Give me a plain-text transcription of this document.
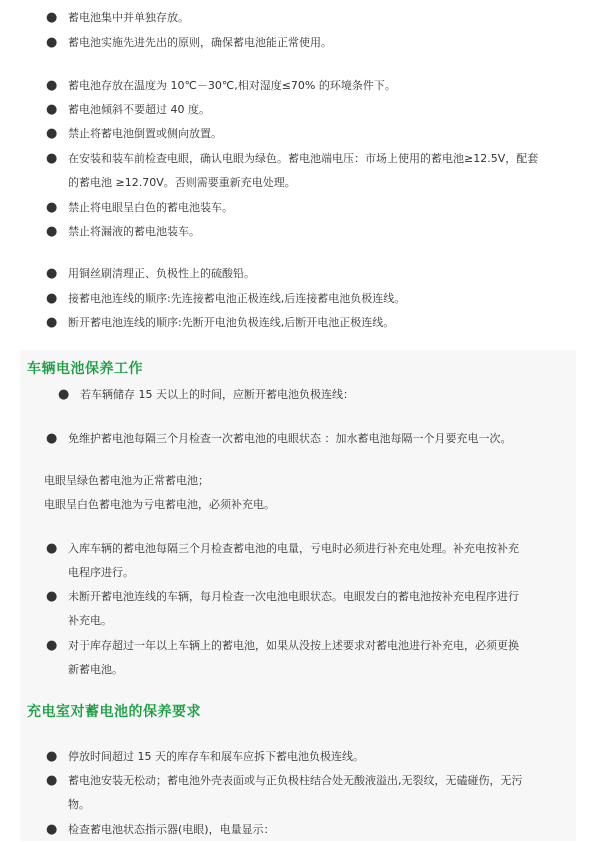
● 蓄电池集中并单独存放。
● 蓄电池实施先进先出的原则，确保蓄电池能正常使用。
● 蓄电池存放在温度为 10℃－30℃,相对湿度≤70% 的环境条件下。
● 蓄电池倾斜不要超过 40 度。
● 禁止将蓄电池倒置或侧向放置。
● 在安装和装车前检查电眼，确认电眼为绿色。蓄电池端电压：市场上使用的蓄电池≥12.5V，配套
的蓄电池 ≥12.70V。否则需要重新充电处理。
● 禁止将电眼呈白色的蓄电池装车。
● 禁止将漏液的蓄电池装车。
● 用铜丝刷清理正、负极性上的硫酸铅。
● 接蓄电池连线的顺序:先连接蓄电池正极连线,后连接蓄电池负极连线。
● 断开蓄电池连线的顺序:先断开电池负极连线,后断开电池正极连线。
车辆电池保养工作
● 若车辆储存 15 天以上的时间，应断开蓄电池负极连线：
● 免维护蓄电池每隔三个月检查一次蓄电池的电眼状态 ：加水蓄电池每隔一个月要充电一次。
电眼呈绿色蓄电池为正常蓄电池；
电眼呈白色蓄电池为亏电蓄电池，必须补充电。
● 入库车辆的蓄电池每隔三个月检查蓄电池的电量，亏电时必须进行补充电处理。补充电按补充
电程序进行。
● 未断开蓄电池连线的车辆，每月检查一次电池电眼状态。电眼发白的蓄电池按补充电程序进行
补充电。
● 对于库存超过一年以上车辆上的蓄电池，如果从没按上述要求对蓄电池进行补充电，必须更换
新蓄电池。
充电室对蓄电池的保养要求
● 停放时间超过 15 天的库存车和展车应拆下蓄电池负极连线。
● 蓄电池安装无松动；蓄电池外壳表面或与正负极柱结合处无酸液溢出,无裂纹，无磕碰伤，无污
物。
● 检查蓄电池状态指示器(电眼)，电量显示：
